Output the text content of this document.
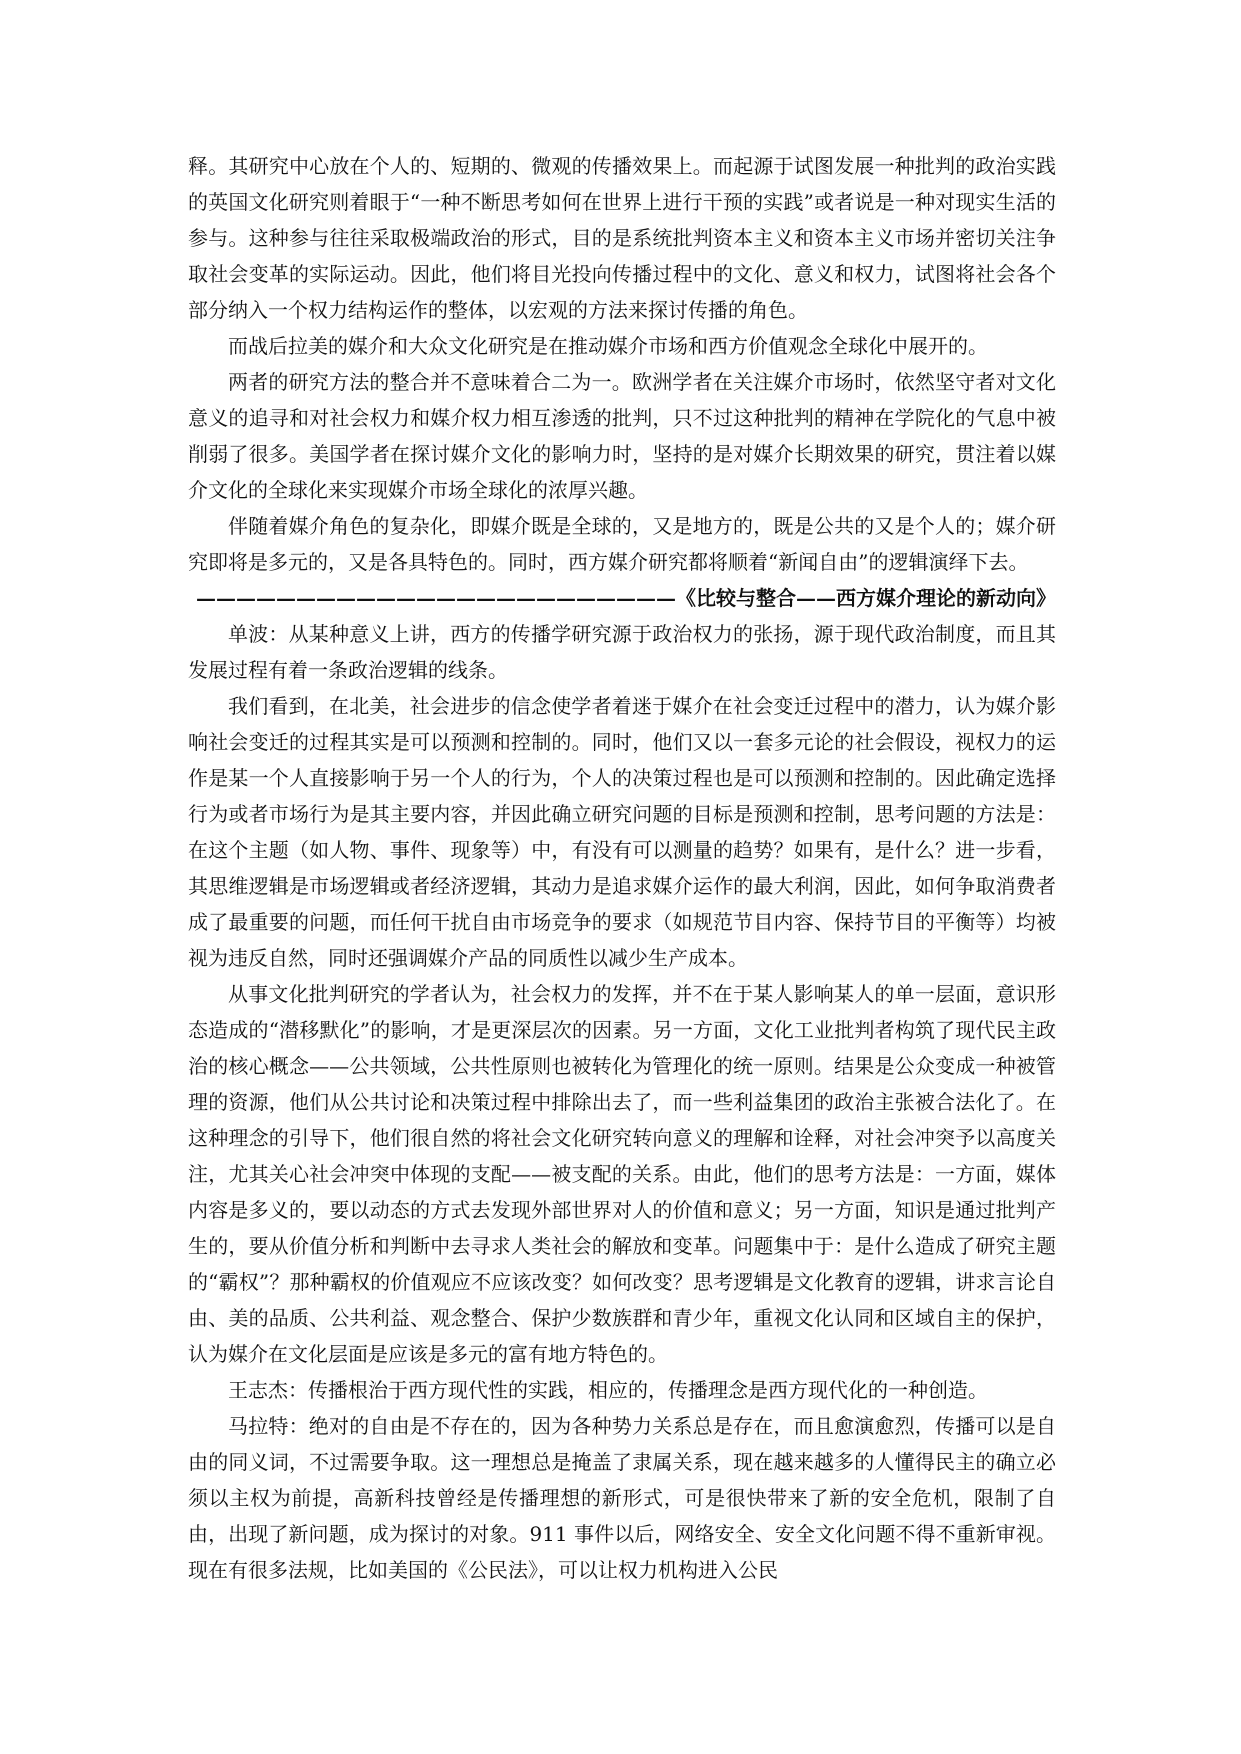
释。其研究中心放在个人的、短期的、微观的传播效果上。而起源于试图发展一种批判的政治实践的英国文化研究则着眼于“一种不断思考如何在世界上进行干预的实践”或者说是一种对现实生活的参与。这种参与往往采取极端政治的形式，目的是系统批判资本主义和资本主义市场并密切关注争取社会变革的实际运动。因此，他们将目光投向传播过程中的文化、意义和权力，试图将社会各个部分纳入一个权力结构运作的整体，以宏观的方法来探讨传播的角色。

而战后拉美的媒介和大众文化研究是在推动媒介市场和西方价值观念全球化中展开的。

两者的研究方法的整合并不意味着合二为一。欧洲学者在关注媒介市场时，依然坚守者对文化意义的追寻和对社会权力和媒介权力相互渗透的批判，只不过这种批判的精神在学院化的气息中被削弱了很多。美国学者在探讨媒介文化的影响力时，坚持的是对媒介长期效果的研究，贯注着以媒介文化的全球化来实现媒介市场全球化的浓厚兴趣。

伴随着媒介角色的复杂化，即媒介既是全球的，又是地方的，既是公共的又是个人的；媒介研究即将是多元的，又是各具特色的。同时，西方媒介研究都将顺着“新闻自由”的逻辑演绎下去。

————————————————————————《比较与整合——西方媒介理论的新动向》

单波：从某种意义上讲，西方的传播学研究源于政治权力的张扬，源于现代政治制度，而且其发展过程有着一条政治逻辑的线条。

我们看到，在北美，社会进步的信念使学者着迷于媒介在社会变迁过程中的潜力，认为媒介影响社会变迁的过程其实是可以预测和控制的。同时，他们又以一套多元论的社会假设，视权力的运作是某一个人直接影响于另一个人的行为，个人的决策过程也是可以预测和控制的。因此确定选择行为或者市场行为是其主要内容，并因此确立研究问题的目标是预测和控制，思考问题的方法是：在这个主题（如人物、事件、现象等）中，有没有可以测量的趋势？如果有，是什么？进一步看，其思维逻辑是市场逻辑或者经济逻辑，其动力是追求媒介运作的最大利润，因此，如何争取消费者成了最重要的问题，而任何干扰自由市场竞争的要求（如规范节目内容、保持节目的平衡等）均被视为违反自然，同时还强调媒介产品的同质性以减少生产成本。

从事文化批判研究的学者认为，社会权力的发挥，并不在于某人影响某人的单一层面，意识形态造成的“潜移默化”的影响，才是更深层次的因素。另一方面，文化工业批判者构筑了现代民主政治的核心概念——公共领域，公共性原则也被转化为管理化的统一原则。结果是公众变成一种被管理的资源，他们从公共讨论和决策过程中排除出去了，而一些利益集团的政治主张被合法化了。在这种理念的引导下，他们很自然的将社会文化研究转向意义的理解和诠释，对社会冲突予以高度关注，尤其关心社会冲突中体现的支配——被支配的关系。由此，他们的思考方法是：一方面，媒体内容是多义的，要以动态的方式去发现外部世界对人的价值和意义；另一方面，知识是通过批判产生的，要从价值分析和判断中去寻求人类社会的解放和变革。问题集中于：是什么造成了研究主题的“霸权”？那种霸权的价值观应不应该改变？如何改变？思考逻辑是文化教育的逻辑，讲求言论自由、美的品质、公共利益、观念整合、保护少数族群和青少年，重视文化认同和区域自主的保护，认为媒介在文化层面是应该是多元的富有地方特色的。

王志杰：传播根治于西方现代性的实践，相应的，传播理念是西方现代化的一种创造。

马拉特：绝对的自由是不存在的，因为各种势力关系总是存在，而且愈演愈烈，传播可以是自由的同义词，不过需要争取。这一理想总是掩盖了隶属关系，现在越来越多的人懂得民主的确立必须以主权为前提，高新科技曾经是传播理想的新形式，可是很快带来了新的安全危机，限制了自由，出现了新问题，成为探讨的对象。911 事件以后，网络安全、安全文化问题不得不重新审视。现在有很多法规，比如美国的《公民法》，可以让权力机构进入公民
